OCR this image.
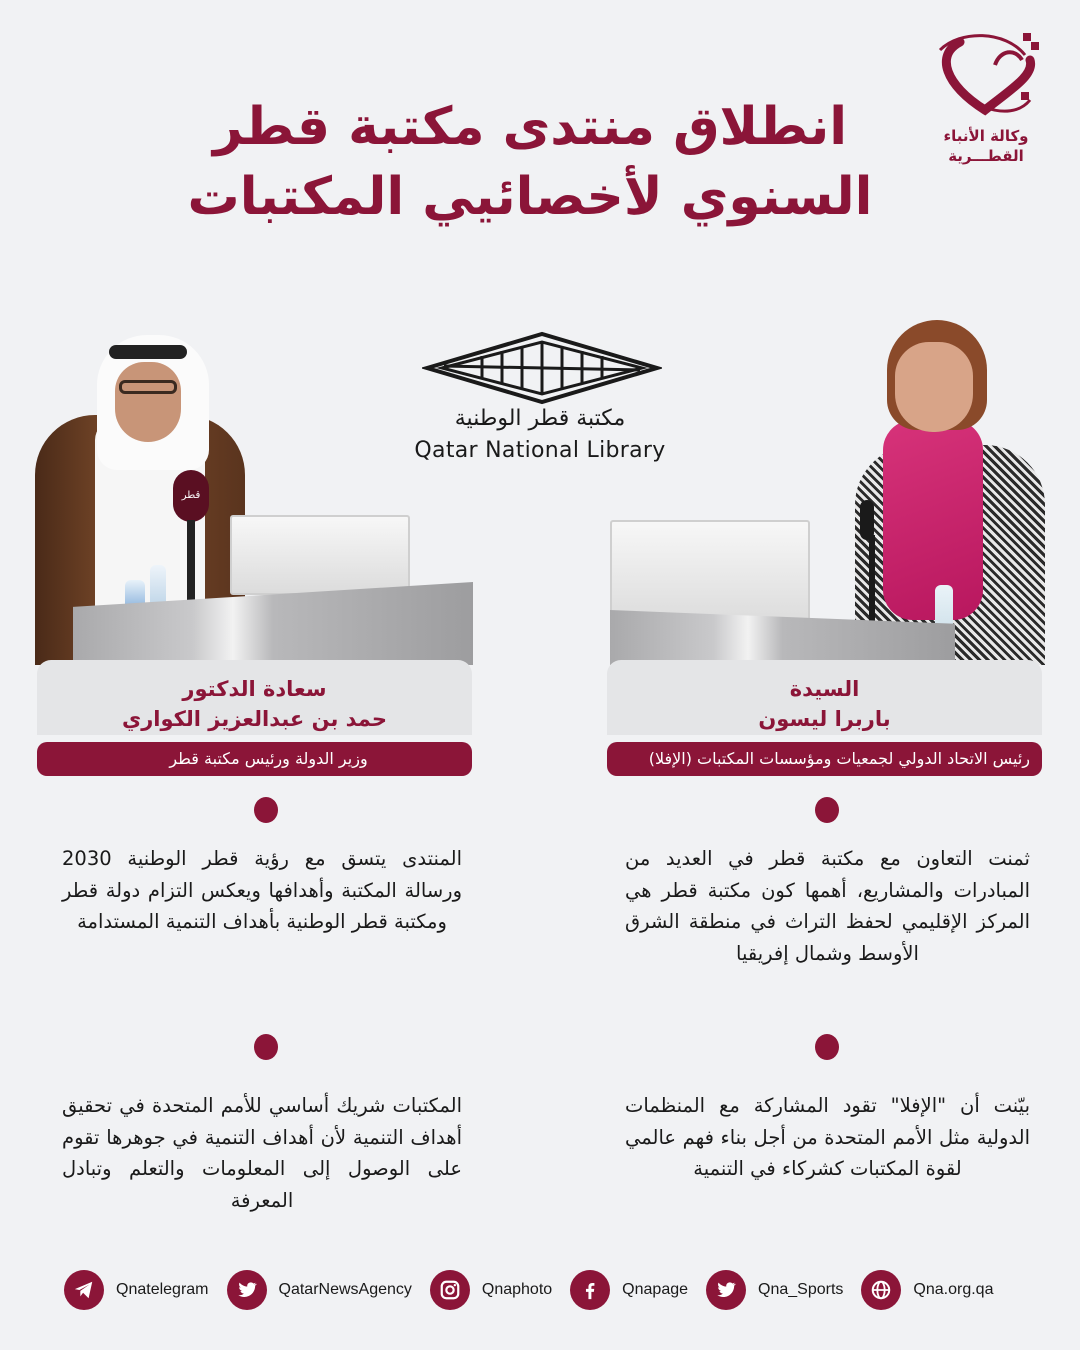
وكالة الأنباء
القطـــرية
انطلاق منتدى مكتبة قطر
السنوي لأخصائيي المكتبات
مكتبة قطر الوطنية
Qatar National Library
قطر
سعادة الدكتور
حمد بن عبدالعزيز الكواري
وزير الدولة ورئيس مكتبة قطر
السيدة
باربرا ليسون
رئيس الاتحاد الدولي لجمعيات ومؤسسات المكتبات (الإفلا)
المنتدى يتسق مع رؤية قطر الوطنية 2030 ورسالة المكتبة وأهدافها ويعكس التزام دولة قطر ومكتبة قطر الوطنية بأهداف التنمية المستدامة
ثمنت التعاون مع مكتبة قطر في العديد من المبادرات والمشاريع، أهمها كون مكتبة قطر هي المركز الإقليمي لحفظ التراث في منطقة الشرق الأوسط وشمال إفريقيا
المكتبات شريك أساسي للأمم المتحدة في تحقيق أهداف التنمية لأن أهداف التنمية في جوهرها تقوم على الوصول إلى المعلومات والتعلم وتبادل المعرفة
بيّنت أن "الإفلا" تقود المشاركة مع المنظمات الدولية مثل الأمم المتحدة من أجل بناء فهم عالمي لقوة المكتبات كشركاء في التنمية
Qnatelegram	QatarNewsAgency	Qnaphoto	Qnapage	Qna_Sports	Qna.org.qa
